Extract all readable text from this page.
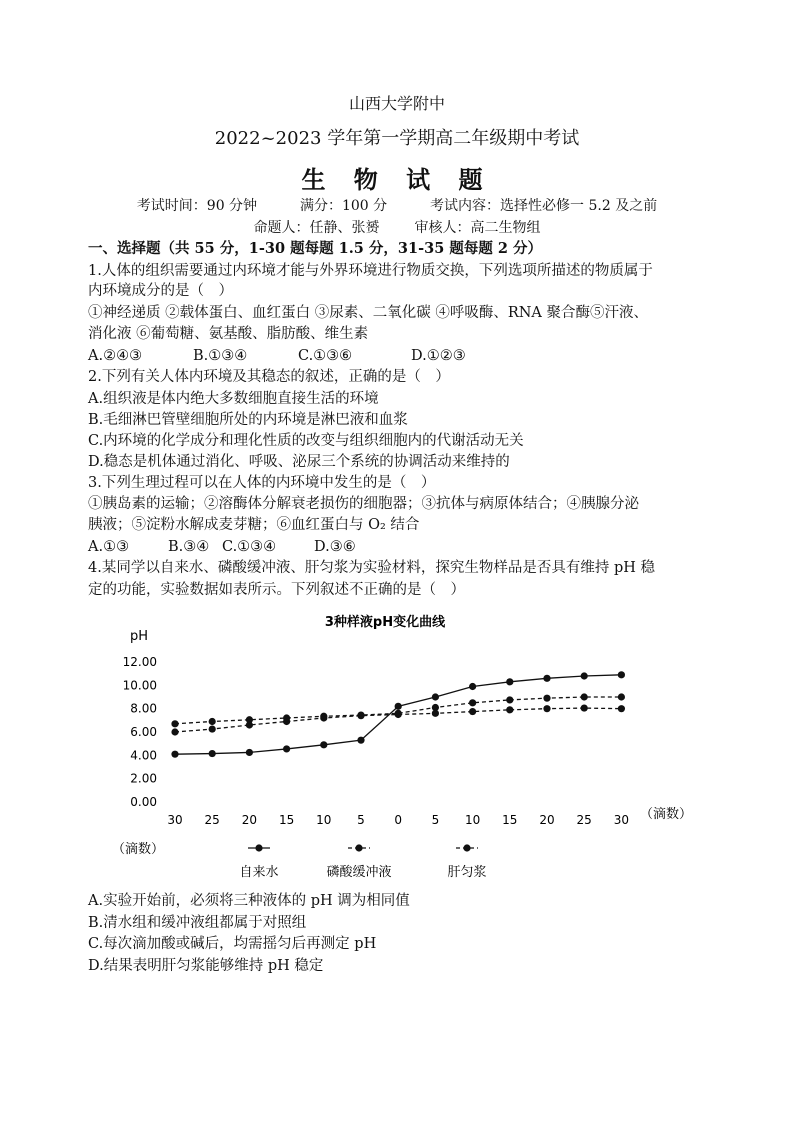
山西大学附中
2022~2023 学年第一学期高二年级期中考试
生 物 试 题
考试时间：90 分钟	满分：100 分	考试内容：选择性必修一 5.2 及之前
命题人：任静、张赟 审核人：高二生物组
一、选择题（共 55 分，1-30 题每题 1.5 分，31-35 题每题 2 分）
1.人体的组织需要通过内环境才能与外界环境进行物质交换，下列选项所描述的物质属于
内环境成分的是（　）
①神经递质 ②载体蛋白、血红蛋白 ③尿素、二氧化碳 ④呼吸酶、RNA 聚合酶⑤汗液、
消化液 ⑥葡萄糖、氨基酸、脂肪酸、维生素
A.②④③	B.①③④	C.①③⑥	D.①②③
2.下列有关人体内环境及其稳态的叙述，正确的是（　）
A.组织液是体内绝大多数细胞直接生活的环境
B.毛细淋巴管壁细胞所处的内环境是淋巴液和血浆
C.内环境的化学成分和理化性质的改变与组织细胞内的代谢活动无关
D.稳态是机体通过消化、呼吸、泌尿三个系统的协调活动来维持的
3.下列生理过程可以在人体的内环境中发生的是（　）
①胰岛素的运输；②溶酶体分解衰老损伤的细胞器；③抗体与病原体结合；④胰腺分泌
胰液；⑤淀粉水解成麦芽糖；⑥血红蛋白与 O₂ 结合
A.①③	B.③④ C.①③④	D.③⑥
4.某同学以自来水、磷酸缓冲液、肝匀浆为实验材料，探究生物样品是否具有维持 pH 稳
定的功能，实验数据如表所示。下列叙述不正确的是（　）
3种样液pH变化曲线
pH
（滴数）
（滴数）
12.00
10.00
8.00
6.00
4.00
2.00
0.00
30 25 20 15 10 5 0 5 10 15 20 25 30
自来水	磷酸缓冲液	肝匀浆
A.实验开始前，必须将三种液体的 pH 调为相同值
B.清水组和缓冲液组都属于对照组
C.每次滴加酸或碱后，均需摇匀后再测定 pH
D.结果表明肝匀浆能够维持 pH 稳定
